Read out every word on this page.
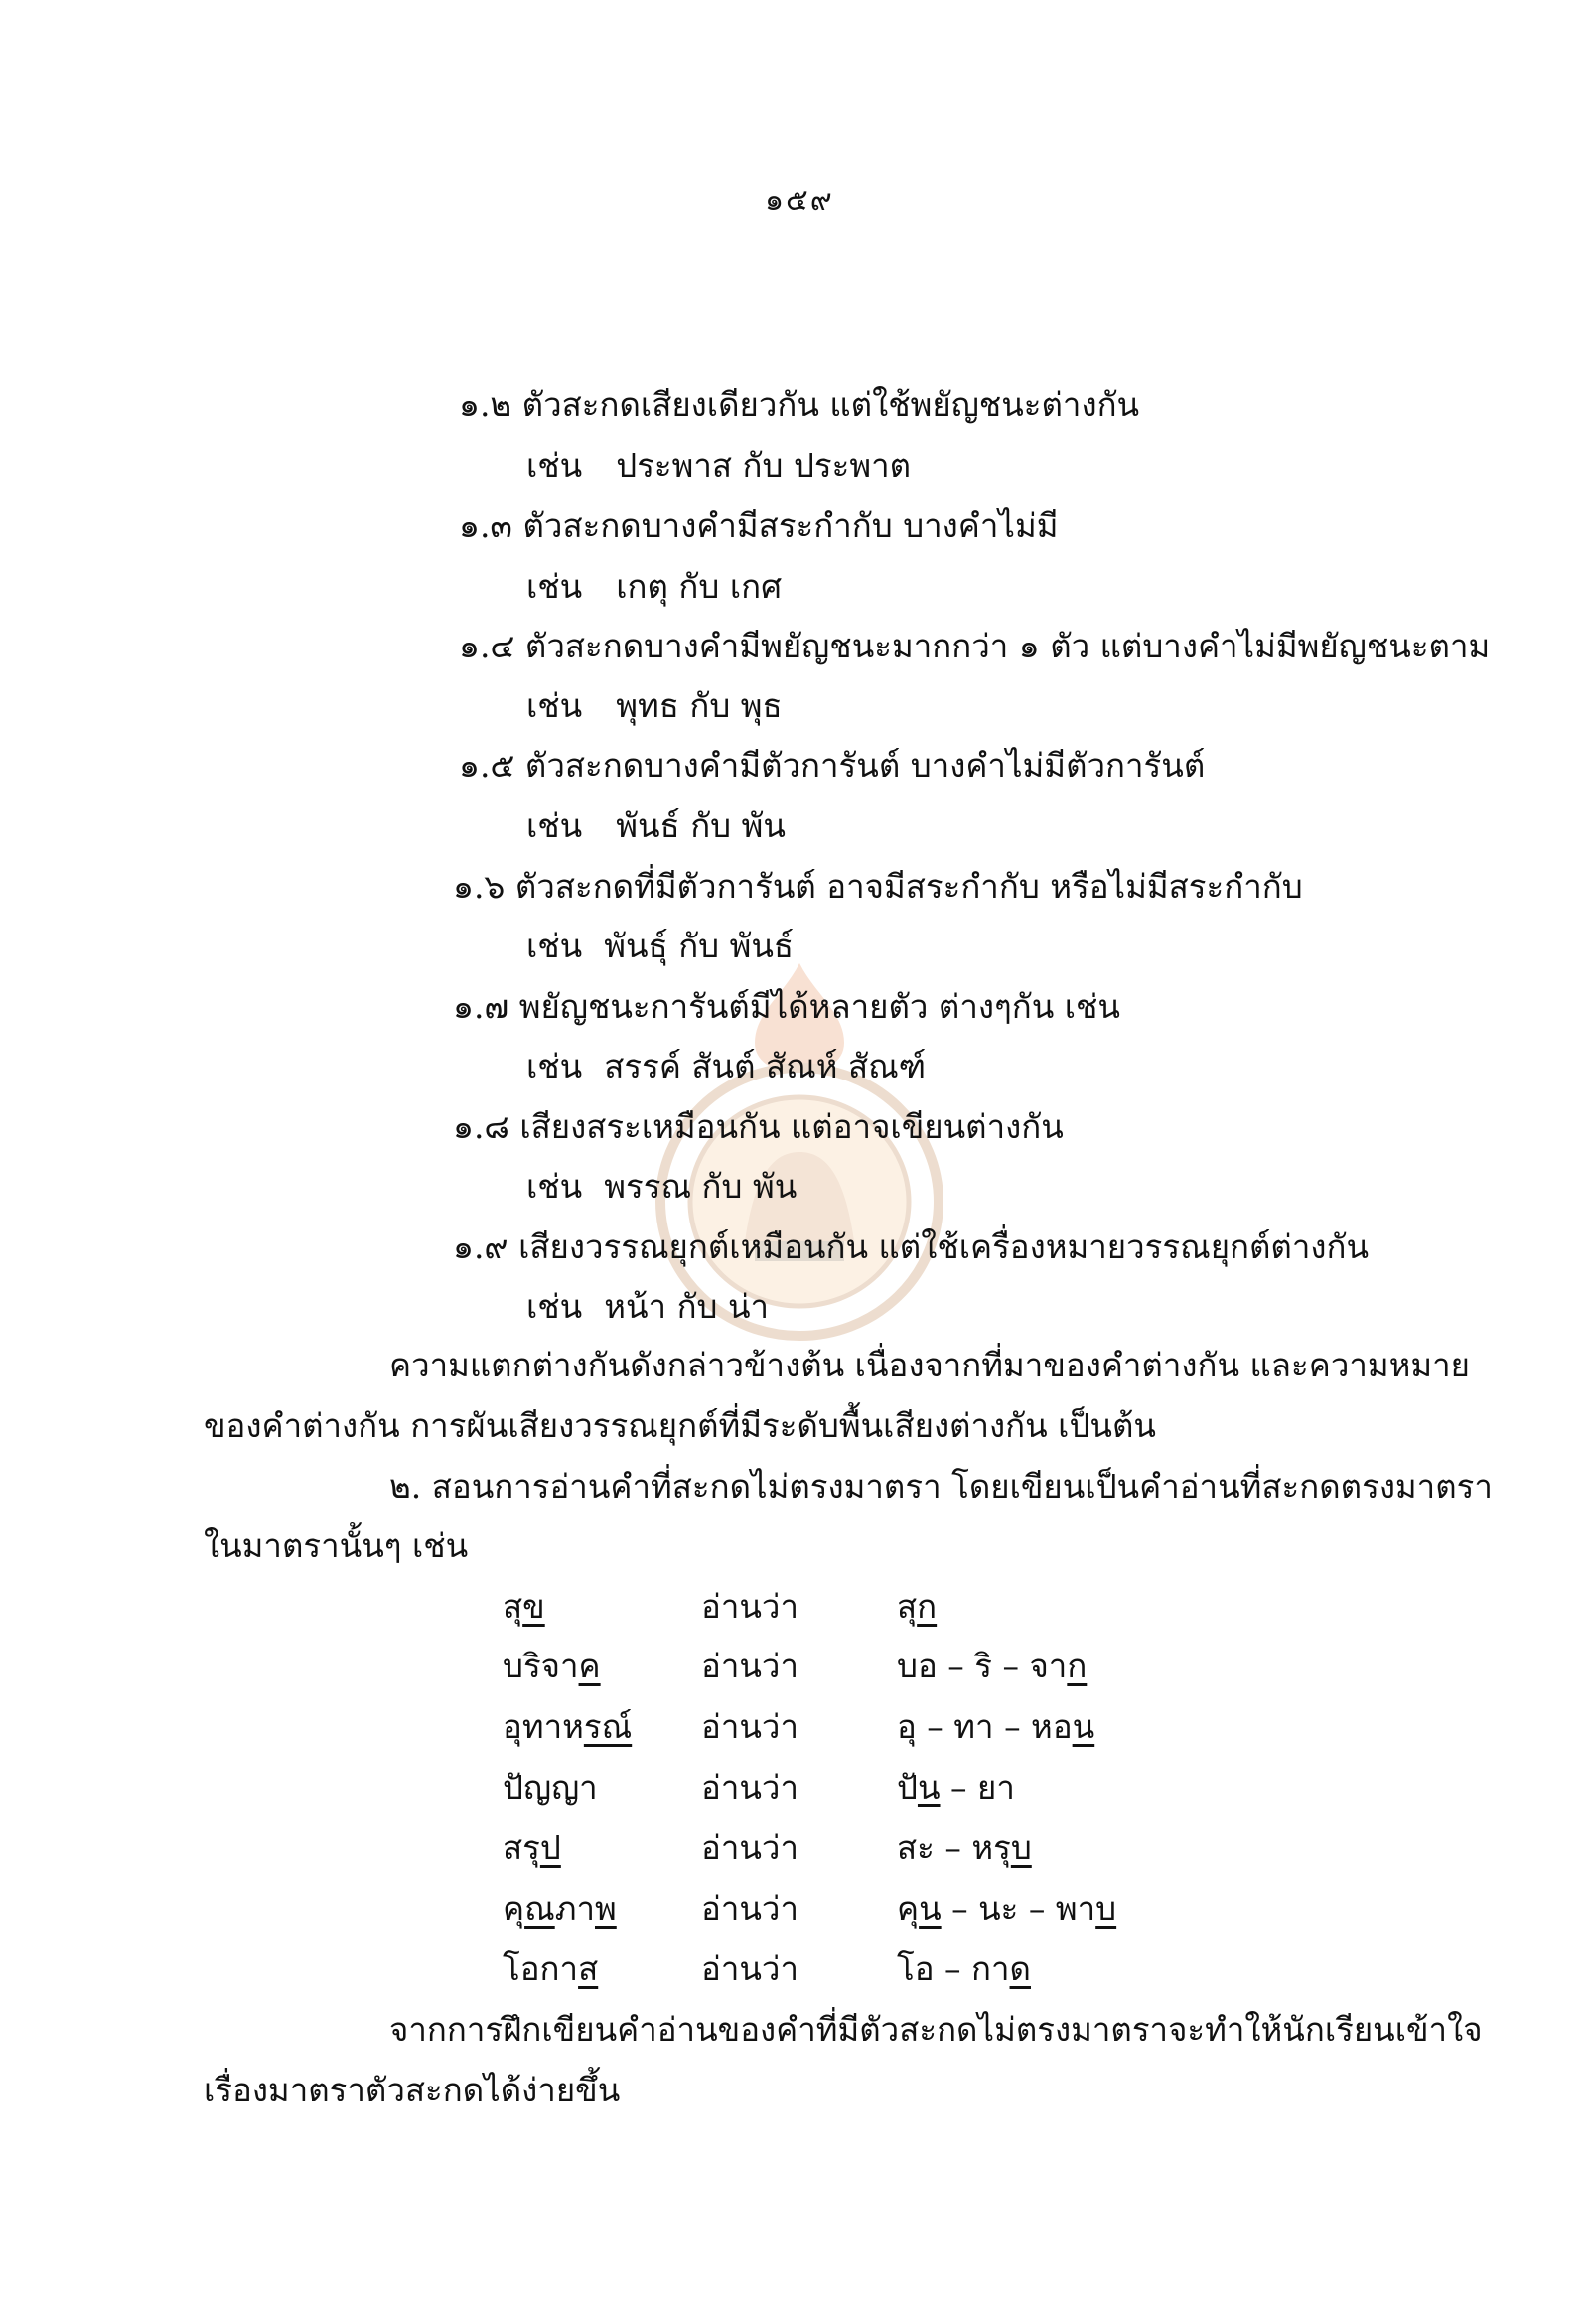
๑๕๙
๑.๒ ตัวสะกดเสียงเดียวกัน แต่ใช้พยัญชนะต่างกัน
เช่น ประพาส กับ ประพาต
๑.๓ ตัวสะกดบางคำมีสระกำกับ บางคำไม่มี
เช่น เกตุ กับ เกศ
๑.๔ ตัวสะกดบางคำมีพยัญชนะมากกว่า ๑ ตัว แต่บางคำไม่มีพยัญชนะตาม
เช่น พุทธ กับ พุธ
๑.๕ ตัวสะกดบางคำมีตัวการันต์ บางคำไม่มีตัวการันต์
เช่น พันธ์ กับ พัน
๑.๖ ตัวสะกดที่มีตัวการันต์ อาจมีสระกำกับ หรือไม่มีสระกำกับ
เช่น พันธุ์ กับ พันธ์
๑.๗ พยัญชนะการันต์มีได้หลายตัว ต่างๆกัน เช่น
เช่น สรรค์ สันต์ สัณห์ สัณฑ์
๑.๘ เสียงสระเหมือนกัน แต่อาจเขียนต่างกัน
เช่น พรรณ กับ พัน
๑.๙ เสียงวรรณยุกต์เหมือนกัน แต่ใช้เครื่องหมายวรรณยุกต์ต่างกัน
เช่น หน้า กับ น่า
ความแตกต่างกันดังกล่าวข้างต้น เนื่องจากที่มาของคำต่างกัน และความหมาย
ของคำต่างกัน การผันเสียงวรรณยุกต์ที่มีระดับพื้นเสียงต่างกัน เป็นต้น
๒. สอนการอ่านคำที่สะกดไม่ตรงมาตรา โดยเขียนเป็นคำอ่านที่สะกดตรงมาตรา
ในมาตรานั้นๆ เช่น
สุข	อ่านว่า	สุก
บริจาค	อ่านว่า	บอ – ริ – จาก
อุทาหรณ์ อ่านว่า	อุ – ทา – หอน
ปัญญา	อ่านว่า	ปัน – ยา
สรุป	อ่านว่า	สะ – หรุบ
คุณภาพ	อ่านว่า	คุน – นะ – พาบ
โอกาส	อ่านว่า	โอ – กาด
จากการฝึกเขียนคำอ่านของคำที่มีตัวสะกดไม่ตรงมาตราจะทำให้นักเรียนเข้าใจ
เรื่องมาตราตัวสะกดได้ง่ายขึ้น
